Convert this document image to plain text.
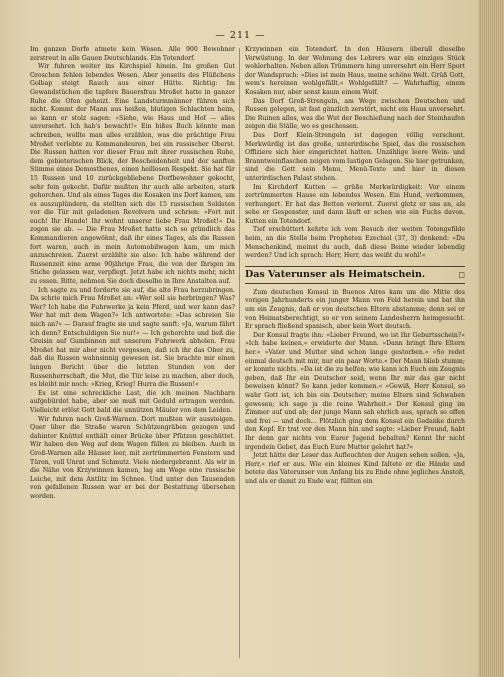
— 211 —

Im ganzen Dorfe atmete kein Wesen. Alle 900 Bewohner zerstreut in alle Gauen Deutschlands. Ein Totendorf.

Wir fuhren weiter ins Kirchspiel hinein. Im großen Gut Groschen fehlen lebendes Wesen. Aber jenseits des Flüßchens Golbap steigt Rauch aus einer Hütte. Richtig: Im Gewandstüchen die tapfere Bauersfrau Mroßet hatte in ganzer Ruhe die Ofen geheizt. Eine Landsturmmänner führen sich nicht. Kommt der Mann aus heißen, blutigen Schlachten heim, so kann er stolz sagen: »Siehe, wie Haus und Hof — alles unversehrt. Ich hab's bewacht!« Ein bißes Buch könnte man schreiben, wollte man alles erzählen, was die prächtige Frau Mroßet verlebte zu Kommandeuren, bei ein russischer Oberst. Die Russen hatten vor dieser Frau mit ihrer russischen Ruhe, dem gebieterischen Blick, der Bescheidenheit und der sanften Stimme eines Demosthenes, einen heillosen Respekt. Sie hat für 15 Russen und 10 zurückgebliebene Dorfbewohner gekocht, sehr fein gekocht. Dafür mußten ihr auch alle arbeiten, stark gehorchen. Und als eines Tages die Kosaken ins Dorf kamen, um es auszuplündern, da stellten sich die 15 russischen Soldaten vor die Tür mit geladenen Revolvern und schrien: »Fort mit euch! Ihr Hunde! Ihr wohnt unserer liebe Frau Mroßet!« Da zogen sie ab. — Die Frau Mroßet hatte sich so gründlich das Kommandieren angewöhnt, daß ihr eines Tages, als die Russen fort waren, auch in mein Automobilwagen kam, um mich anzuschreien. Zuerst erzählte sie also: Ich habe während der Russenzeit eine arme 90jährige Frau, die von der Ihrigen im Stiche gelassen war, verpflegt. Jetzt habe ich nichts mehr, nicht zu essen. Bitte, nehmen Sie doch dieselbe in Ihre Anstalten auf.

Ich sagte zu und forderte sie auf, die alte Frau herzubringen. Da schrie mich Frau Mroßet an: »Wer soll sie herbringen? Was? Wer? Ich habe die Fuhrwerke ja kein Pferd, und wer kann das? Wer hat mit dem Wagen?« Ich antwortete: »Das schreien Sie mich an?« — Darauf fragte sie und sagte sanft: »Ja, warum fährt ich denn? Entschuldigen Sie nur!« — Ich gehorchte und ließ die Greisin auf Gumbinnen mit unserem Fuhrwerk abholen. Frau Mroßet hat mir aber nicht vergessen, daß ich ihr das Ober zu, daß die Russen wahnsinnig gewesen ist. Sie brachte mir einen langen Bericht über die letzten Stunden von der Russenherrschaft, die Mut, die Tür leise zu machen, aber doch, es bleibt mir noch: »Krieg, Krieg! Hurra die Russen!«

Es ist eine schreckliche Last, die ich meinen Nachbarn aufgebürdet habe, aber sie muß mit Geduld ertragen werden. Vielleicht erlöst Gott bald die unnützen Mäuler von dem Leiden.

Wir fuhren nach Groß-Warnen. Dort mußten wir aussteigen. Quer über die Straße waren Schützengräben gezogen und dahinter Knüttel enthält einer Brücke über Pfützen geschüttet. Wir haben den Weg auf dem Wagen füllen zu bleiben. Auch in Groß-Warnen alle Häuser leer, mit zertrümmerten Fenstern und Türen, voll Unrat und Schmutz. Viele niedergebrannt. Als wir in die Nähe von Krzywinnen kamen, lag am Wege eine russische Leiche, mit dem Antlitz im Schnee. Und unter den Tausenden von gefallenen Russen war er bei der Bestattung übersehen worden.

Krzywinnen ein Totendorf. In den Häusern überall dieselbe Verwüstung. In der Wohnung des Lehrers war ein einziges Stück wohlerhalten. Neben allen Trümmern hing unversehrt ein Herr Sport der Wandspruch: »Dies ist mein Haus, meine schöne Welt. Grüß Gott, wem's hereinen wohlgefällt.« Wohlgefällt? — Wahrhaftig, einem Kosaken nur, aber sonst kaum einem Wolf.

Das Dorf Groß-Strengeln, am Wege zwischen Deutschen und Russen gelegen, ist fast gänzlich zerstört, nicht ein Haus unversehrt. Die Ruinen alles, was die Wut der Beschießung nach der Steinhaufen zeigen die Ställe, wo es geschossen.

Das Dorf Klein-Strengeln ist dagegen völlig verschont. Merkwürdig ist das große, unterirdische Spiel, das die russischen Offiziere sich hier eingerichtet hatten. Unzählige leere Wein- und Branntweinflaschen zeigen vom lustigen Gelagen. Sie hier getrunken, sind die Gott sein Menu, Menü-Texte und hier in diesen unterirdischen Palast stehen.

Im Kirchdorf Kutten — grüße Merkwürdigkeit: Vor einem zertrümmerten Hause ein lebendes Wesen. Ein Hund, verkommen, verhungert. Er hat das Betten verlernt. Zuerst glotz er uns an, als sehe er Gespenster, und dann läuft er schen wie ein Fuchs davon. Kutten ein Totendorf.

Tief erschüttert kehrte ich vom Besuch der weiten Totengefilde heim, an die Stelle beim Propheten Ezechiel (37, 3) denkend: »Du Menschenkind, meinst du auch, daß diese Beine wieder lebendig werden? Und ich sprach: Herr, Herr, das weißt du wohl!«

Das Vaterunser als Heimatschein.	◻

Zum deutschen Konsul in Buenos Aires kam um die Mitte des vorigen Jahrhunderts ein junger Mann von Feld herein und bat ihn um ein Zeugnis, daß er von deutschen Eltern abstamme; denn sei er von Heimatsberechtigt, so er von seinem Landesherrn heimgesucht. Er sprach fließend spanisch, aber kein Wort deutsch.

Der Konsul fragte ihn: »Lieber Freund, wo ist Ihr Geburtsschein?« »Ich habe keinen,« erwiderte der Mann. »Dann bringt Ihre Eltern her.« »Vater und Mutter sind schon lange gestorben.« »So redet einmal deutsch mit mir, nur ein paar Worte.« Der Mann blieb stumm; er konnte nichts. »Da ist die zu helfen; wie kann ich Euch ein Zeugnis geben, daß Ihr ein Deutscher seid, wenn Ihr mir das gar nicht beweisen könnt? So kann jeder kommen.« »Gewiß, Herr Konsul, so wahr Gott ist, ich bin ein Deutscher; meine Eltern sind Schwaben gewesen; ich sage ja die reine Wahrheit.« Der Konsul ging im Zimmer auf und ab; der junge Mann sah ehrlich aus, sprach so offen und frei — und doch... Plötzlich ging dem Konsul ein Gedanke durch den Kopf. Er trat vor den Mann hin und sagte: »Lieber Freund, habt Ihr denn gar nichts von Eurer Jugend behalten? Kennt Ihr nicht irgendein Gebet, das Euch Eure Mutter gelehrt hat?«

Jetzt hätte der Leser das Aufleuchten der Augen sehen sollen. »Ja, Herr,« rief er aus. Wie ein kleines Kind faltete er die Hände und betete das Vaterunser von Anfang bis zu Ende ohne jegliches Anstoß, und als er damit zu Ende war, füllten ein
